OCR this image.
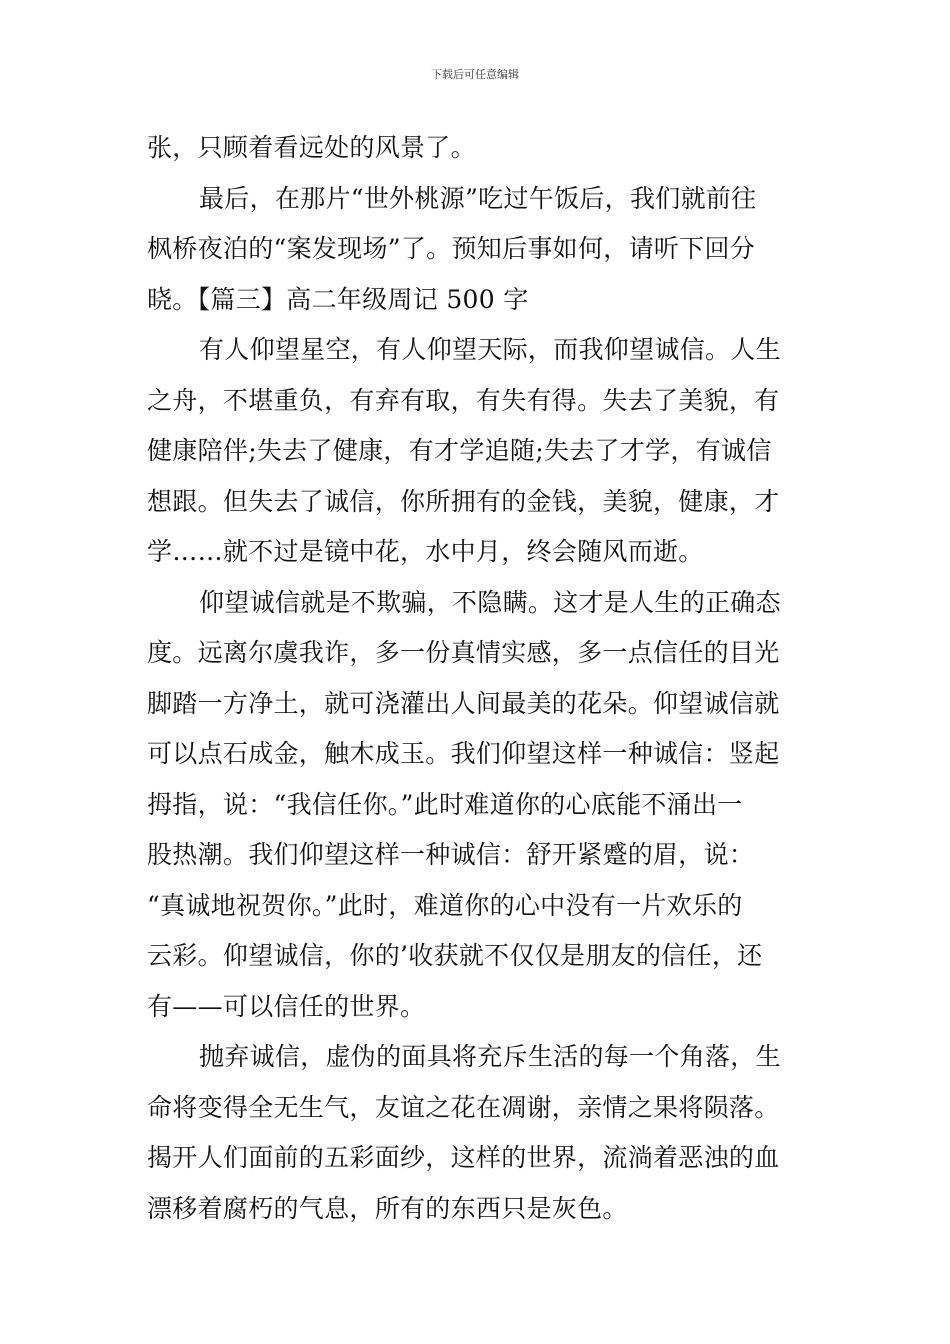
下载后可任意编辑
张，只顾着看远处的风景了。
最后，在那片“世外桃源”吃过午饭后，我们就前往
枫桥夜泊的“案发现场”了。预知后事如何，请听下回分
晓。【篇三】高二年级周记 500 字
有人仰望星空，有人仰望天际，而我仰望诚信。人生
之舟，不堪重负，有弃有取，有失有得。失去了美貌，有
健康陪伴;失去了健康，有才学追随;失去了才学，有诚信
想跟。但失去了诚信，你所拥有的金钱，美貌，健康，才
学……就不过是镜中花，水中月，终会随风而逝。
仰望诚信就是不欺骗，不隐瞒。这才是人生的正确态
度。远离尔虞我诈，多一份真情实感，多一点信任的目光
脚踏一方净土，就可浇灌出人间最美的花朵。仰望诚信就
可以点石成金，触木成玉。我们仰望这样一种诚信：竖起
拇指，说：“我信任你。”此时难道你的心底能不涌出一
股热潮。我们仰望这样一种诚信：舒开紧蹙的眉，说：
“真诚地祝贺你。”此时，难道你的心中没有一片欢乐的
云彩。仰望诚信，你的’收获就不仅仅是朋友的信任，还
有——可以信任的世界。
抛弃诚信，虚伪的面具将充斥生活的每一个角落，生
命将变得全无生气，友谊之花在凋谢，亲情之果将陨落。
揭开人们面前的五彩面纱，这样的世界，流淌着恶浊的血
漂移着腐朽的气息，所有的东西只是灰色。
